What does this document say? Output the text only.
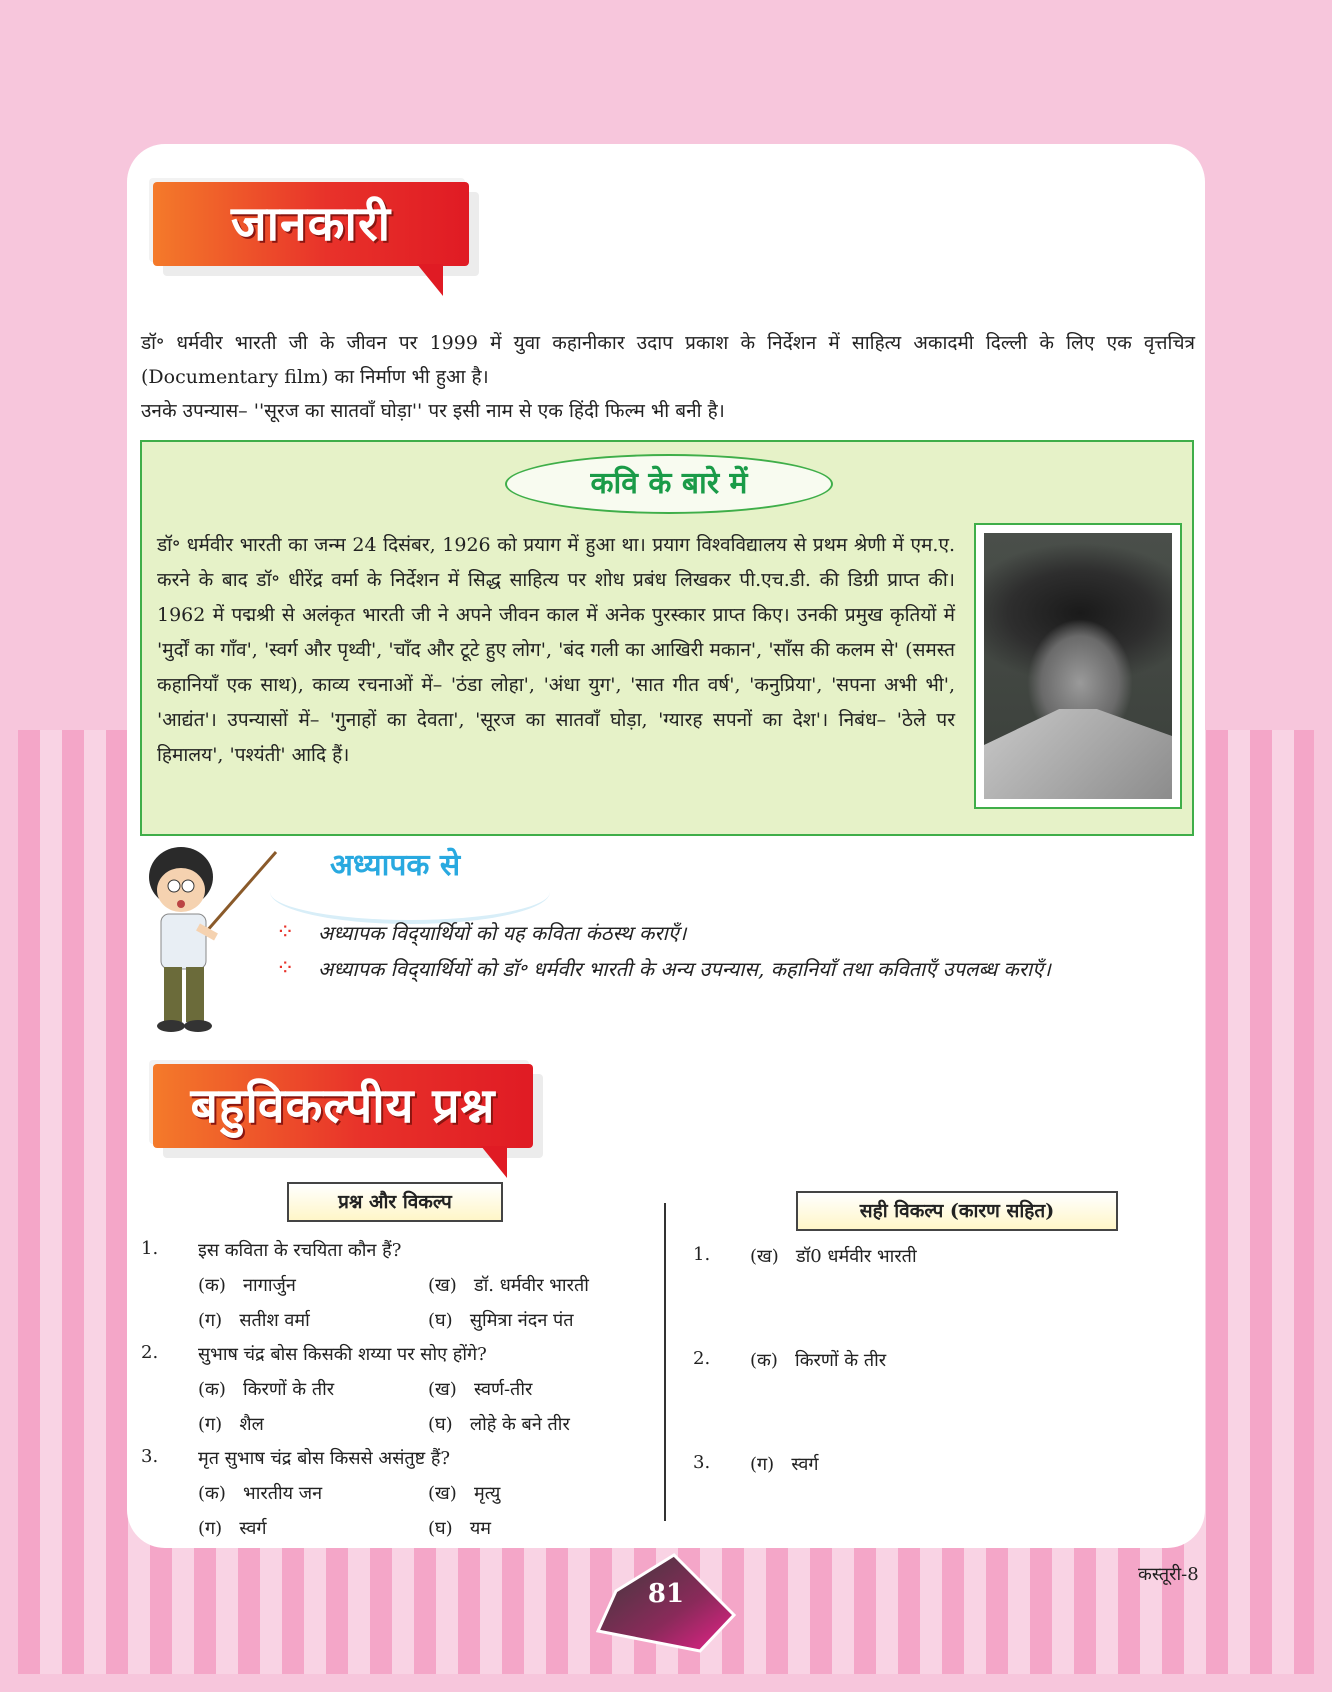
जानकारी

डॉ॰ धर्मवीर भारती जी के जीवन पर 1999 में युवा कहानीकार उदाप प्रकाश के निर्देशन में साहित्य अकादमी दिल्ली के लिए एक वृत्तचित्र (Documentary film) का निर्माण भी हुआ है।

उनके उपन्यास– ''सूरज का सातवाँ घोड़ा'' पर इसी नाम से एक हिंदी फिल्म भी बनी है।

कवि के बारे में

डॉ॰ धर्मवीर भारती का जन्म 24 दिसंबर, 1926 को प्रयाग में हुआ था। प्रयाग विश्वविद्यालय से प्रथम श्रेणी में एम.ए. करने के बाद डॉ॰ धीरेंद्र वर्मा के निर्देशन में सिद्ध साहित्य पर शोध प्रबंध लिखकर पी.एच.डी. की डिग्री प्राप्त की। 1962 में पद्मश्री से अलंकृत भारती जी ने अपने जीवन काल में अनेक पुरस्कार प्राप्त किए। उनकी प्रमुख कृतियों में 'मुर्दों का गाँव', 'स्वर्ग और पृथ्वी', 'चाँद और टूटे हुए लोग', 'बंद गली का आखिरी मकान', 'साँस की कलम से' (समस्त कहानियाँ एक साथ), काव्य रचनाओं में– 'ठंडा लोहा', 'अंधा युग', 'सात गीत वर्ष', 'कनुप्रिया', 'सपना अभी भी', 'आद्यंत'। उपन्यासों में– 'गुनाहों का देवता', 'सूरज का सातवाँ घोड़ा, 'ग्यारह सपनों का देश'। निबंध– 'ठेले पर हिमालय', 'पश्यंती' आदि हैं।

अध्यापक से
⁘ अध्यापक विद्‌यार्थियों को यह कविता कंठस्थ कराएँ।
⁘ अध्यापक विद्‌यार्थियों को डॉ॰ धर्मवीर भारती के अन्य उपन्यास, कहानियाँ तथा कविताएँ उपलब्ध कराएँ।
बहुविकल्पीय प्रश्न
प्रश्न और विकल्प	सही विकल्प (कारण सहित)
1.	इस कविता के रचयिता कौन हैं?
(क) नागार्जुन	(ख) डॉ. धर्मवीर भारती
(ग) सतीश वर्मा	(घ) सुमित्रा नंदन पंत
2.	सुभाष चंद्र बोस किसकी शय्या पर सोए होंगे?
(क) किरणों के तीर	(ख) स्वर्ण-तीर
(ग) शैल	(घ) लोहे के बने तीर
3.	मृत सुभाष चंद्र बोस किससे असंतुष्ट हैं?
(क) भारतीय जन	(ख) मृत्यु
(ग) स्वर्ग	(घ) यम
1. (ख) डॉ0 धर्मवीर भारती
2. (क) किरणों के तीर
3. (ग) स्वर्ग
81
कस्तूरी-8
